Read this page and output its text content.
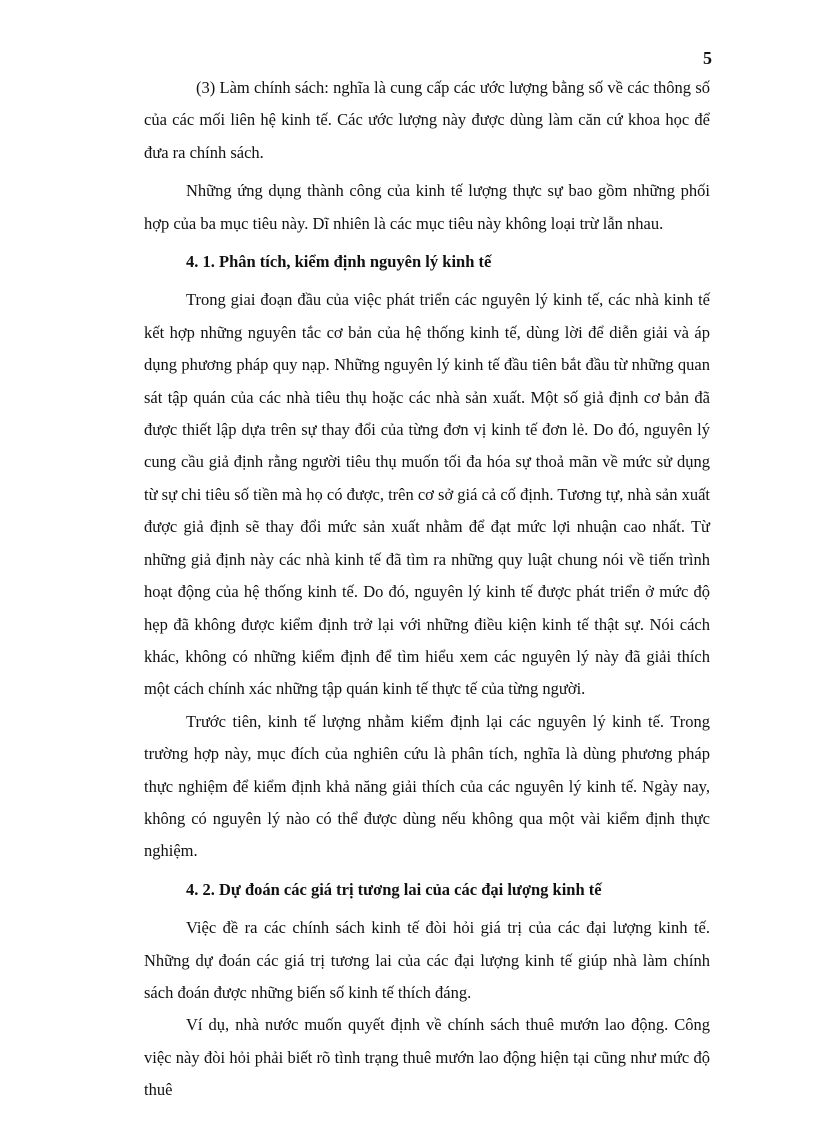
5

(3) Làm chính sách: nghĩa là cung cấp các ước lượng bằng số về các thông số của các mối liên hệ kinh tế. Các ước lượng này được dùng làm căn cứ khoa học để đưa ra chính sách.

Những ứng dụng thành công của kinh tế lượng thực sự bao gồm những phối hợp của ba mục tiêu này. Dĩ nhiên là các mục tiêu này không loại trừ lẫn nhau.

4. 1. Phân tích, kiểm định nguyên lý kinh tế

Trong giai đoạn đầu của việc phát triển các nguyên lý kinh tế, các nhà kinh tế kết hợp những nguyên tắc cơ bản của hệ thống kinh tế, dùng lời để diễn giải và áp dụng phương pháp quy nạp. Những nguyên lý kinh tế đầu tiên bắt đầu từ những quan sát tập quán của các nhà tiêu thụ hoặc các nhà sản xuất. Một số giả định cơ bản đã được thiết lập dựa trên sự thay đổi của từng đơn vị kinh tế đơn lẻ. Do đó, nguyên lý cung cầu giả định rằng người tiêu thụ muốn tối đa hóa sự thoả mãn về mức sử dụng từ sự chi tiêu số tiền mà họ có được, trên cơ sở giá cả cố định. Tương tự, nhà sản xuất được giả định sẽ thay đổi mức sản xuất nhằm để đạt mức lợi nhuận cao nhất. Từ những giả định này các nhà kinh tế đã tìm ra những quy luật chung nói về tiến trình hoạt động của hệ thống kinh tế. Do đó, nguyên lý kinh tế được phát triển ở mức độ hẹp đã không được kiểm định trở lại với những điều kiện kinh tế thật sự. Nói cách khác, không có những kiểm định để tìm hiểu xem các nguyên lý này đã giải thích một cách chính xác những tập quán kinh tế thực tế của từng người.

Trước tiên, kinh tế lượng nhằm kiểm định lại các nguyên lý kinh tế. Trong trường hợp này, mục đích của nghiên cứu là phân tích, nghĩa là dùng phương pháp thực nghiệm để kiểm định khả năng giải thích của các nguyên lý kinh tế. Ngày nay, không có nguyên lý nào có thể được dùng nếu không qua một vài kiểm định thực nghiệm.

4. 2. Dự đoán các giá trị tương lai của các đại lượng kinh tế

Việc đề ra các chính sách kinh tế đòi hỏi giá trị của các đại lượng kinh tế. Những dự đoán các giá trị tương lai của các đại lượng kinh tế giúp nhà làm chính sách đoán được những biến số kinh tế thích đáng.

Ví dụ, nhà nước muốn quyết định về chính sách thuê mướn lao động. Công việc này đòi hỏi phải biết rõ tình trạng thuê mướn lao động hiện tại cũng như mức độ thuê
